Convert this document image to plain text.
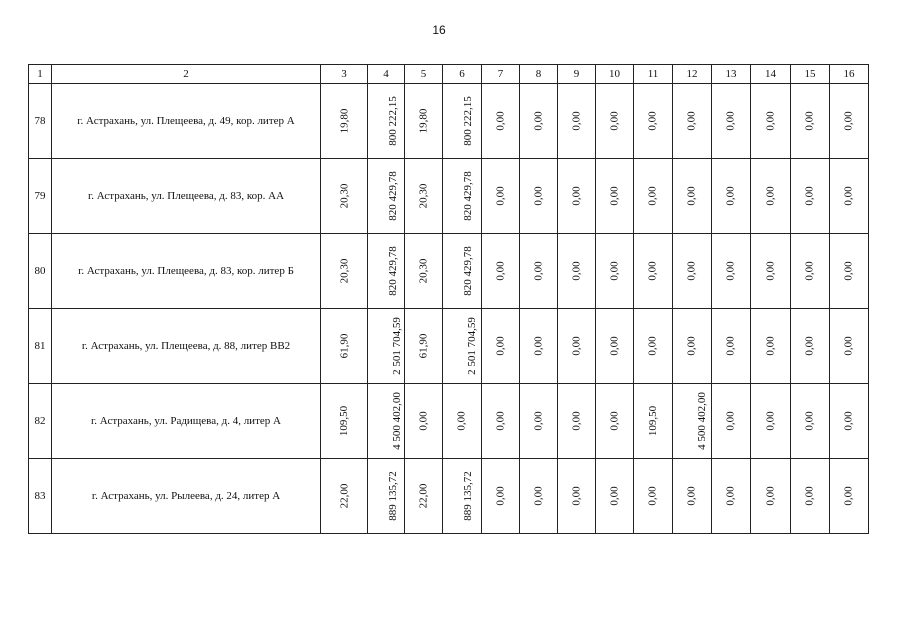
16
1	2	3	4	5	6	7	8	9	10	11	12	13	14	15	16
78	г. Астрахань, ул. Плещеева, д. 49, кор. литер А	19,80	800 222,15	19,80	800 222,15	0,00	0,00	0,00	0,00	0,00	0,00	0,00	0,00	0,00	0,00
79	г. Астрахань, ул. Плещеева, д. 83, кор. АА	20,30	820 429,78	20,30	820 429,78	0,00	0,00	0,00	0,00	0,00	0,00	0,00	0,00	0,00	0,00
80	г. Астрахань, ул. Плещеева, д. 83, кор. литер Б	20,30	820 429,78	20,30	820 429,78	0,00	0,00	0,00	0,00	0,00	0,00	0,00	0,00	0,00	0,00
81	г. Астрахань, ул. Плещеева, д. 88, литер ВВ2	61,90	2 501 704,59	61,90	2 501 704,59	0,00	0,00	0,00	0,00	0,00	0,00	0,00	0,00	0,00	0,00
82	г. Астрахань, ул. Радищева, д. 4, литер А	109,50	4 500 402,00	0,00	0,00	0,00	0,00	0,00	0,00	109,50	4 500 402,00	0,00	0,00	0,00	0,00
83	г. Астрахань, ул. Рылеева, д. 24, литер А	22,00	889 135,72	22,00	889 135,72	0,00	0,00	0,00	0,00	0,00	0,00	0,00	0,00	0,00	0,00
